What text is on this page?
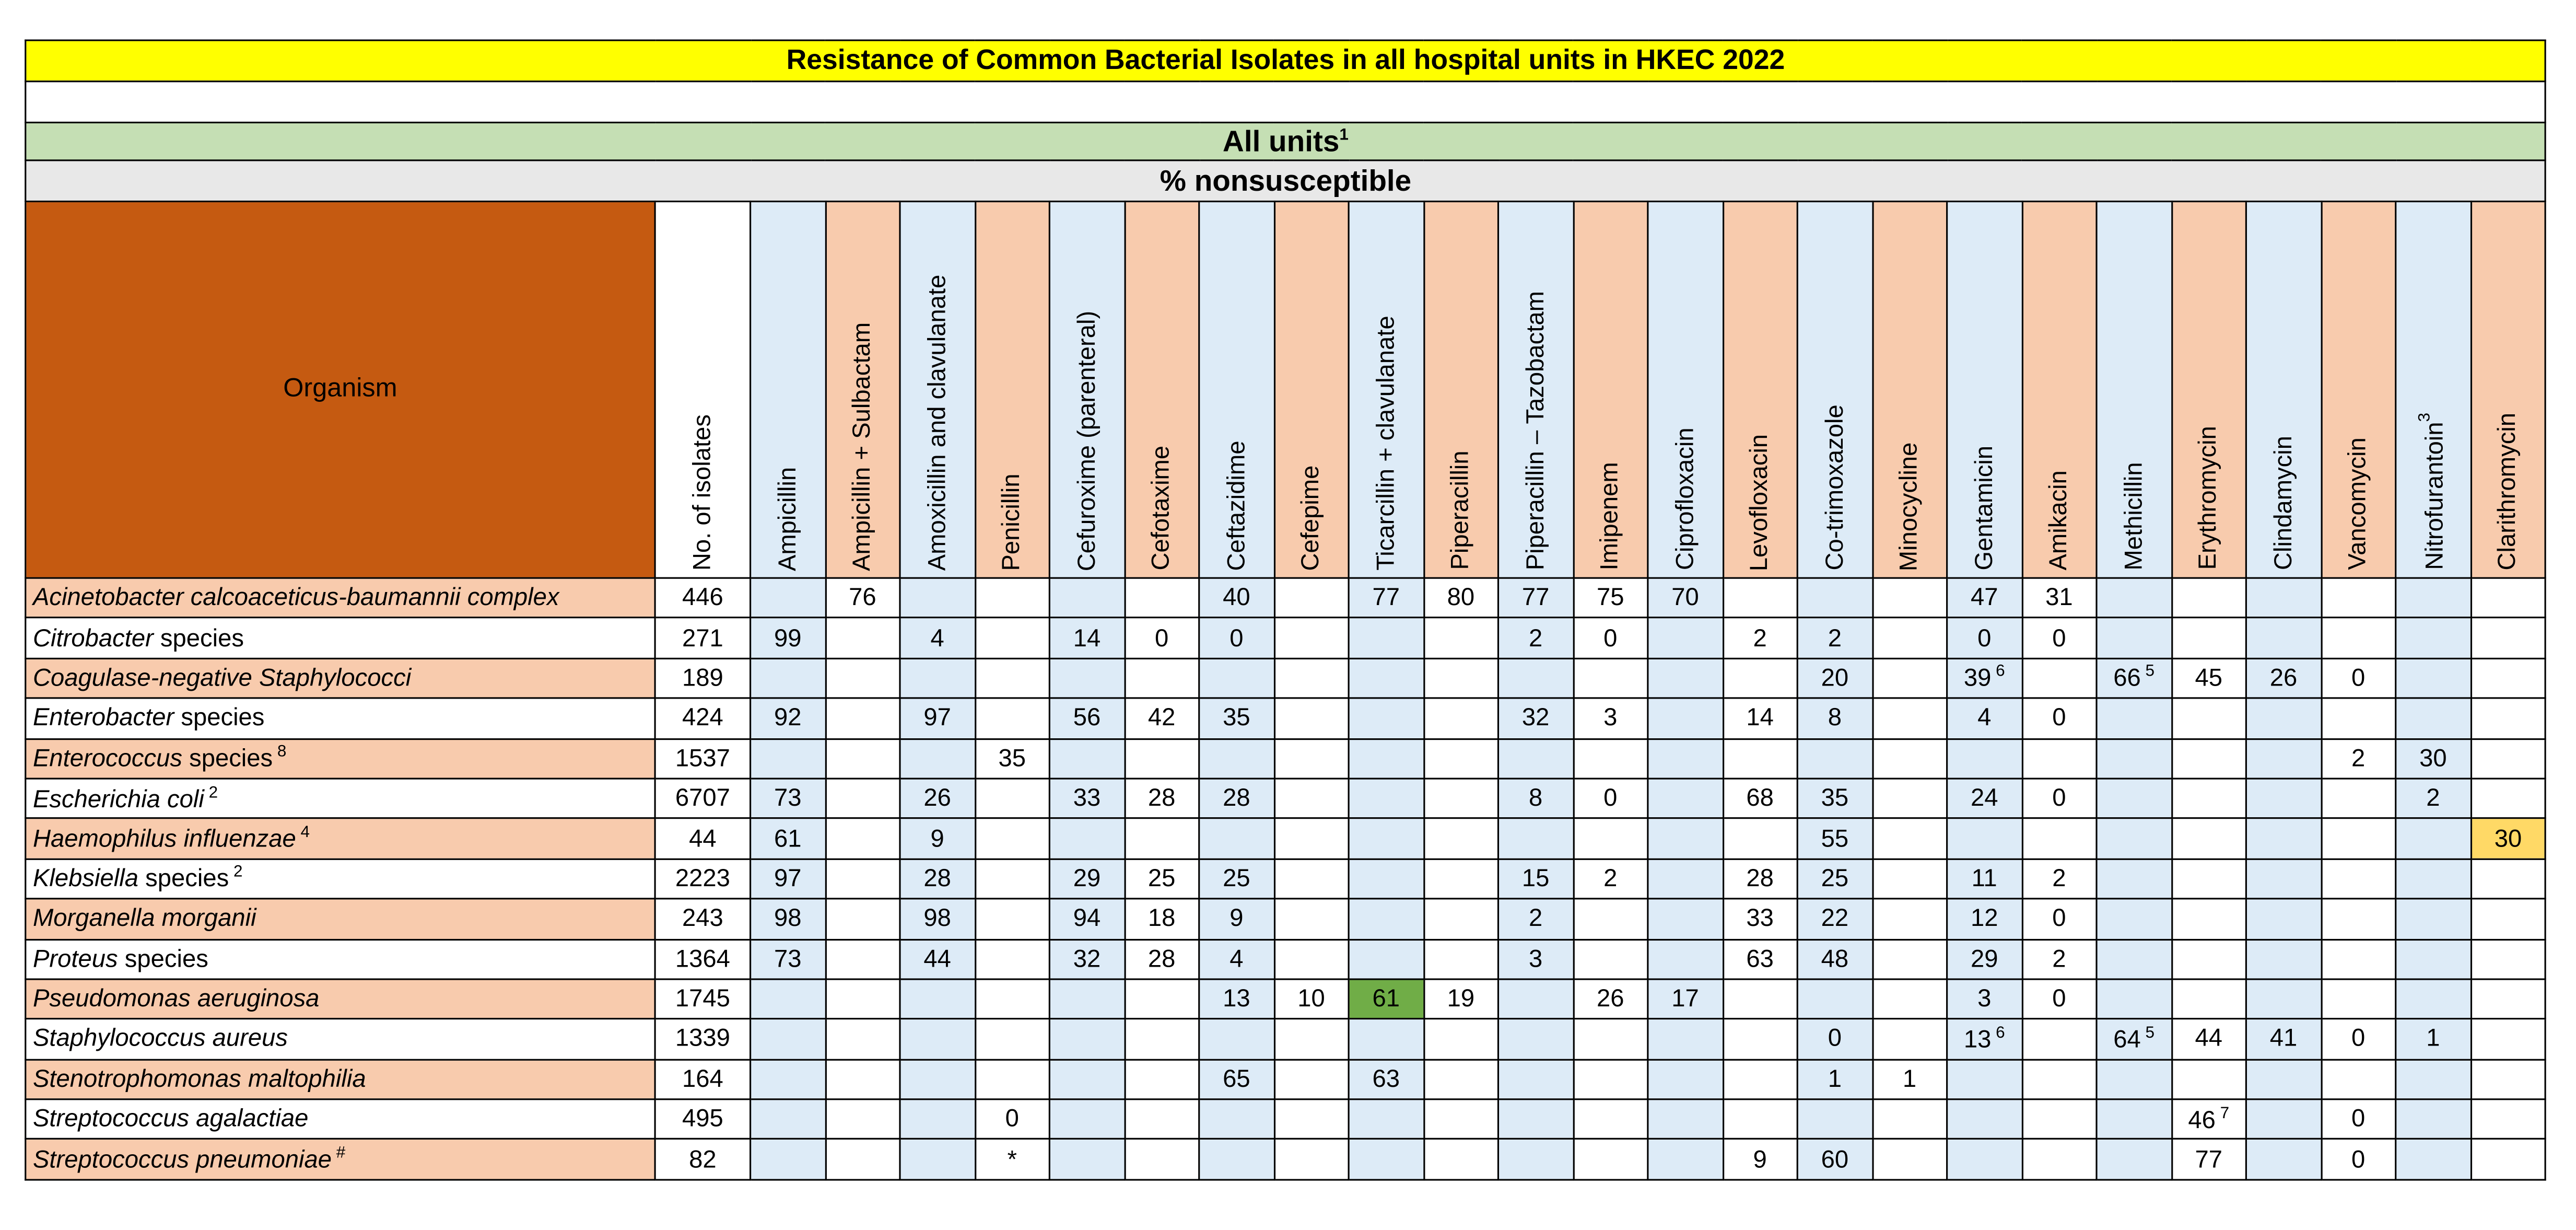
Resistance of Common Bacterial Isolates in all hospital units in HKEC 2022																									

All units$^1$
% nonsusceptible																									
Organism	No. of isolates	Ampicillin	Ampicillin + Sulbactam	Amoxicillin and clavulanate	Penicillin	Cefuroxime (parenteral)	Cefotaxime	Ceftazidime	Cefepime	Ticarcillin + clavulanate	Piperacillin	Piperacillin – Tazobactam	Imipenem	Ciprofloxacin	Levofloxacin	Co-trimoxazole	Minocycline	Gentamicin	Amikacin	Methicillin	Erythromycin	Clindamycin	Vancomycin	Nitrofurantoin$^3$	Clarithromycin
Acinetobacter calcoaceticus-baumannii complex	446		76					40		77	80	77	75	70				47	31						
Citrobacter species	271	99		4		14	0	0				2	0		2	2		0	0						
Coagulase-negative Staphylococci	189															20		39 $^6$		66 $^5$	45	26	0		
Enterobacter species	424	92		97		56	42	35				32	3		14	8		4	0						
Enterococcus species $^8$	1537				35																		2	30	
Escherichia coli $^2$	6707	73		26		33	28	28				8	0		68	35		24	0					2	
Haemophilus influenzae $^4$	44	61		9												55									30
Klebsiella species $^2$	2223	97		28		29	25	25				15	2		28	25		11	2						
Morganella morganii	243	98		98		94	18	9				2			33	22		12	0						
Proteus species	1364	73		44		32	28	4				3			63	48		29	2						
Pseudomonas aeruginosa	1745							13	10	61	19		26	17				3	0						
Staphylococcus aureus	1339															0		13 $^6$		64 $^5$	44	41	0	1	
Stenotrophomonas maltophilia	164							65		63						1	1								
Streptococcus agalactiae	495				0																46 $^7$		0		
Streptococcus pneumoniae #	82				*										9	60					77		0		
